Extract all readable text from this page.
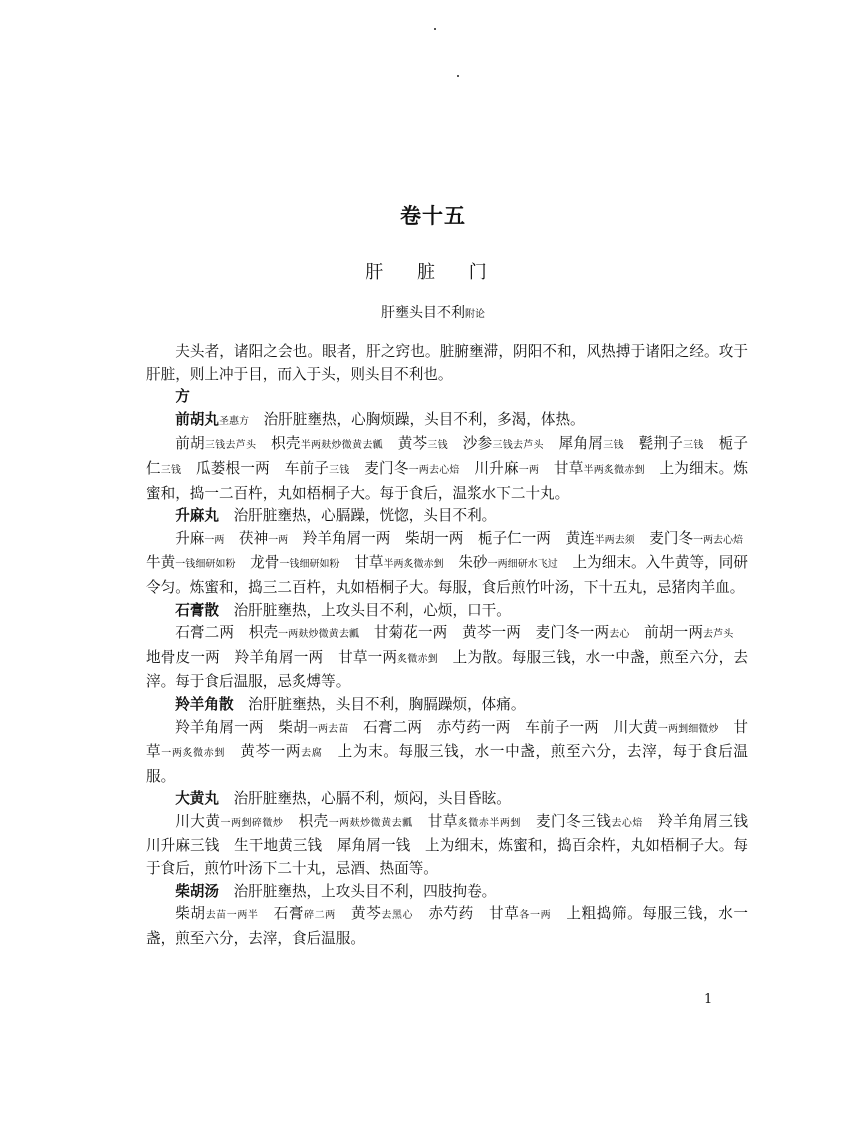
卷十五
肝 脏 门
肝壅头目不利附论

夫头者，诸阳之会也。眼者，肝之窍也。脏腑壅滞，阴阳不和，风热搏于诸阳之经。攻于肝脏，则上冲于目，而入于头，则头目不利也。

方

前胡丸圣惠方　治肝脏壅热，心胸烦躁，头目不利，多渴，体热。

前胡三钱去芦头　枳壳半两麸炒微黄去瓤　黄芩三钱　沙参三钱去芦头　犀角屑三钱　甏荆子三钱　栀子仁三钱　瓜蒌根一两　车前子三钱　麦门冬一两去心焙　川升麻一两　甘草半两炙微赤剉　上为细末。炼蜜和，捣一二百杵，丸如梧桐子大。每于食后，温浆水下二十丸。

升麻丸　治肝脏壅热，心膈躁，恍惚，头目不利。

升麻一两　茯神一两　羚羊角屑一两　柴胡一两　栀子仁一两　黄连半两去须　麦门冬一两去心焙　牛黄一钱细研如粉　龙骨一钱细研如粉　甘草半两炙微赤剉　朱砂一两细研水飞过　上为细末。入牛黄等，同研令匀。炼蜜和，捣三二百杵，丸如梧桐子大。每服，食后煎竹叶汤，下十五丸，忌猪肉羊血。

石膏散　治肝脏壅热，上攻头目不利，心烦，口干。

石膏二两　枳壳一两麸炒微黄去瓤　甘菊花一两　黄芩一两　麦门冬一两去心　前胡一两去芦头　地骨皮一两　羚羊角屑一两　甘草一两炙微赤剉　上为散。每服三钱，水一中盏，煎至六分，去滓。每于食后温服，忌炙煿等。

羚羊角散　治肝脏壅热，头目不利，胸膈躁烦，体痛。

羚羊角屑一两　柴胡一两去苗　石膏二两　赤芍药一两　车前子一两　川大黄一两剉细微炒　甘草一两炙微赤剉　黄芩一两去腐　上为末。每服三钱，水一中盏，煎至六分，去滓，每于食后温服。

大黄丸　治肝脏壅热，心膈不利，烦闷，头目昏眩。

川大黄一两剉碎微炒　枳壳一两麸炒微黄去瓤　甘草炙微赤半两剉　麦门冬三钱去心焙　羚羊角屑三钱　川升麻三钱　生干地黄三钱　犀角屑一钱　上为细末，炼蜜和，捣百余杵，丸如梧桐子大。每于食后，煎竹叶汤下二十丸，忌酒、热面等。

柴胡汤　治肝脏壅热，上攻头目不利，四肢拘卷。

柴胡去苗一两半　石膏碎二两　黄芩去黑心　赤芍药　甘草各一两　上粗捣筛。每服三钱，水一盏，煎至六分，去滓，食后温服。

1
